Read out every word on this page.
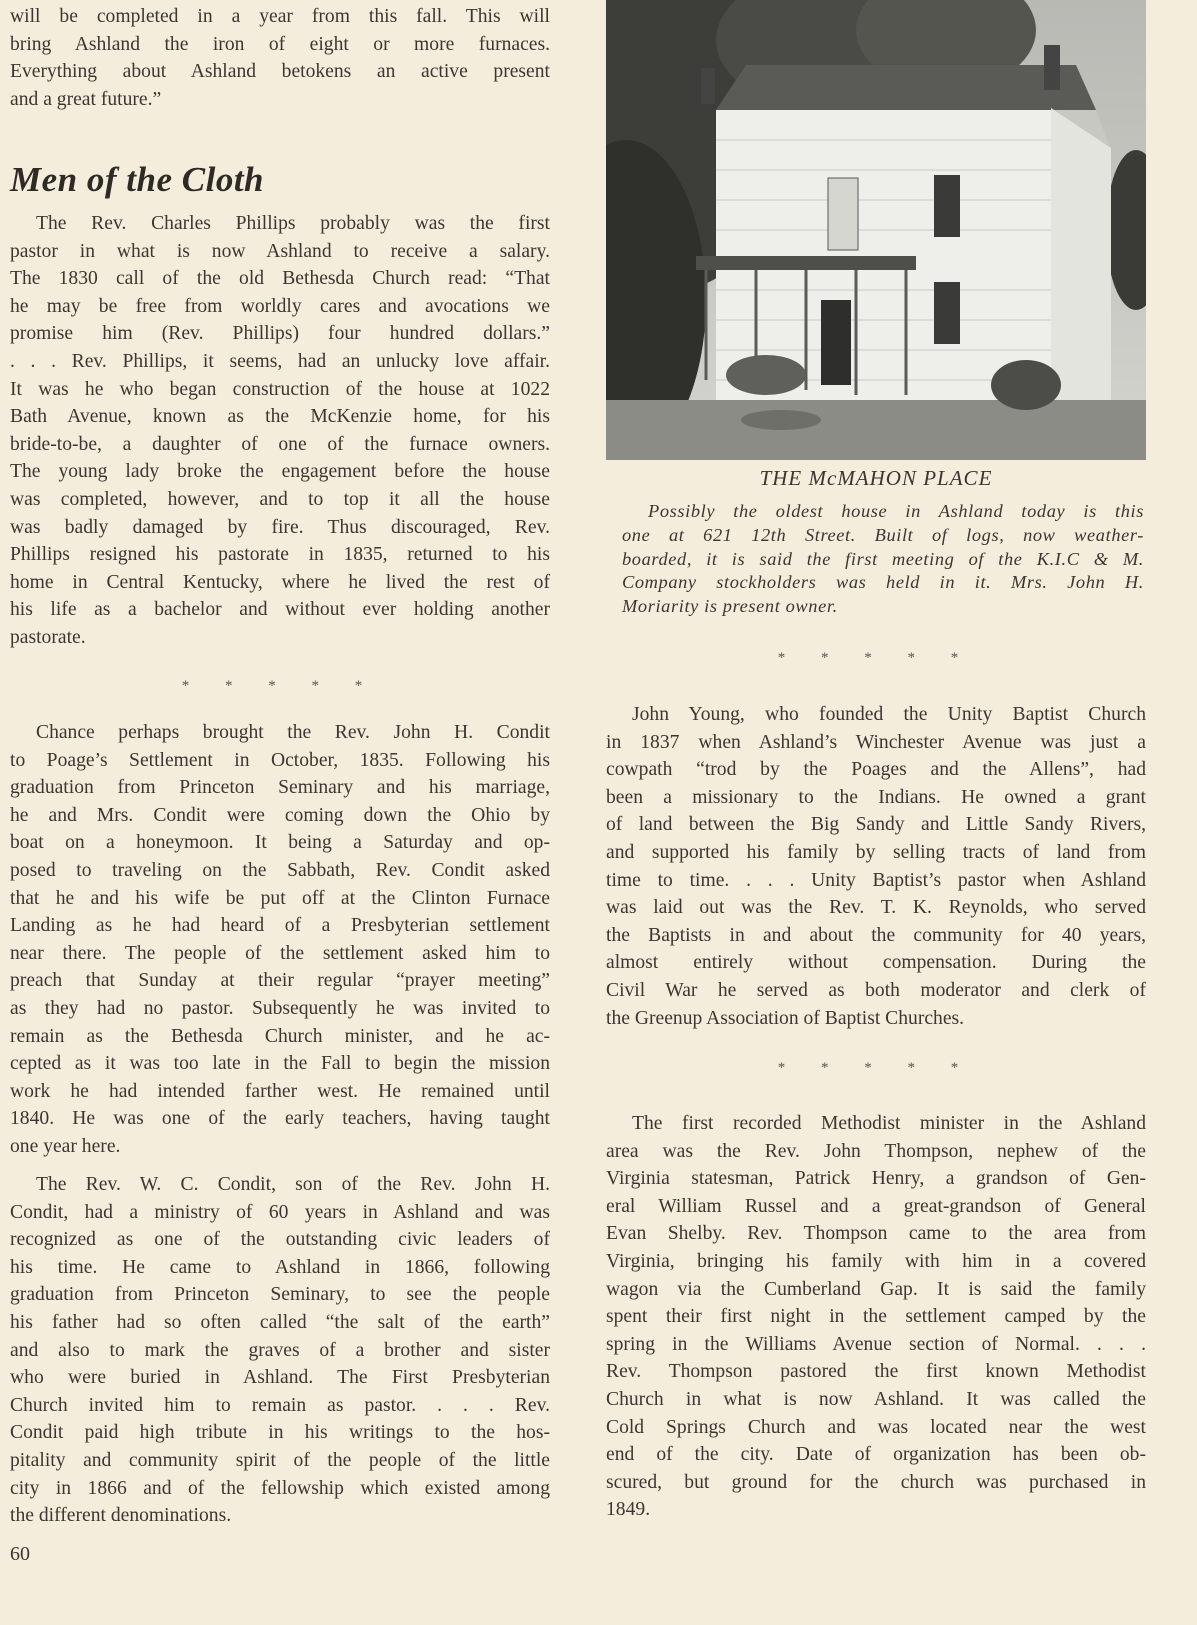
will be completed in a year from this fall. This will
bring Ashland the iron of eight or more furnaces.
Everything about Ashland betokens an active present
and a great future.”
Men of the Cloth
The Rev. Charles Phillips probably was the first
pastor in what is now Ashland to receive a salary.
The 1830 call of the old Bethesda Church read: “That
he may be free from worldly cares and avocations we
promise him (Rev. Phillips) four hundred dollars.”
. . . Rev. Phillips, it seems, had an unlucky love affair.
It was he who began construction of the house at 1022
Bath Avenue, known as the McKenzie home, for his
bride-to-be, a daughter of one of the furnace owners.
The young lady broke the engagement before the house
was completed, however, and to top it all the house
was badly damaged by fire. Thus discouraged, Rev.
Phillips resigned his pastorate in 1835, returned to his
home in Central Kentucky, where he lived the rest of
his life as a bachelor and without ever holding another
pastorate.
* * * * *
Chance perhaps brought the Rev. John H. Condit
to Poage’s Settlement in October, 1835. Following his
graduation from Princeton Seminary and his marriage,
he and Mrs. Condit were coming down the Ohio by
boat on a honeymoon. It being a Saturday and op-
posed to traveling on the Sabbath, Rev. Condit asked
that he and his wife be put off at the Clinton Furnace
Landing as he had heard of a Presbyterian settlement
near there. The people of the settlement asked him to
preach that Sunday at their regular “prayer meeting”
as they had no pastor. Subsequently he was invited to
remain as the Bethesda Church minister, and he ac-
cepted as it was too late in the Fall to begin the mission
work he had intended farther west. He remained until
1840. He was one of the early teachers, having taught
one year here.
The Rev. W. C. Condit, son of the Rev. John H.
Condit, had a ministry of 60 years in Ashland and was
recognized as one of the outstanding civic leaders of
his time. He came to Ashland in 1866, following
graduation from Princeton Seminary, to see the people
his father had so often called “the salt of the earth”
and also to mark the graves of a brother and sister
who were buried in Ashland. The First Presbyterian
Church invited him to remain as pastor. . . . Rev.
Condit paid high tribute in his writings to the hos-
pitality and community spirit of the people of the little
city in 1866 and of the fellowship which existed among
the different denominations.
60
THE McMAHON PLACE
Possibly the oldest house in Ashland today is this
one at 621 12th Street. Built of logs, now weather-
boarded, it is said the first meeting of the K.I.C & M.
Company stockholders was held in it. Mrs. John H.
Moriarity is present owner.
* * * * *
John Young, who founded the Unity Baptist Church
in 1837 when Ashland’s Winchester Avenue was just a
cowpath “trod by the Poages and the Allens”, had
been a missionary to the Indians. He owned a grant
of land between the Big Sandy and Little Sandy Rivers,
and supported his family by selling tracts of land from
time to time. . . . Unity Baptist’s pastor when Ashland
was laid out was the Rev. T. K. Reynolds, who served
the Baptists in and about the community for 40 years,
almost entirely without compensation. During the
Civil War he served as both moderator and clerk of
the Greenup Association of Baptist Churches.
* * * * *
The first recorded Methodist minister in the Ashland
area was the Rev. John Thompson, nephew of the
Virginia statesman, Patrick Henry, a grandson of Gen-
eral William Russel and a great-grandson of General
Evan Shelby. Rev. Thompson came to the area from
Virginia, bringing his family with him in a covered
wagon via the Cumberland Gap. It is said the family
spent their first night in the settlement camped by the
spring in the Williams Avenue section of Normal. . . .
Rev. Thompson pastored the first known Methodist
Church in what is now Ashland. It was called the
Cold Springs Church and was located near the west
end of the city. Date of organization has been ob-
scured, but ground for the church was purchased in
1849.
